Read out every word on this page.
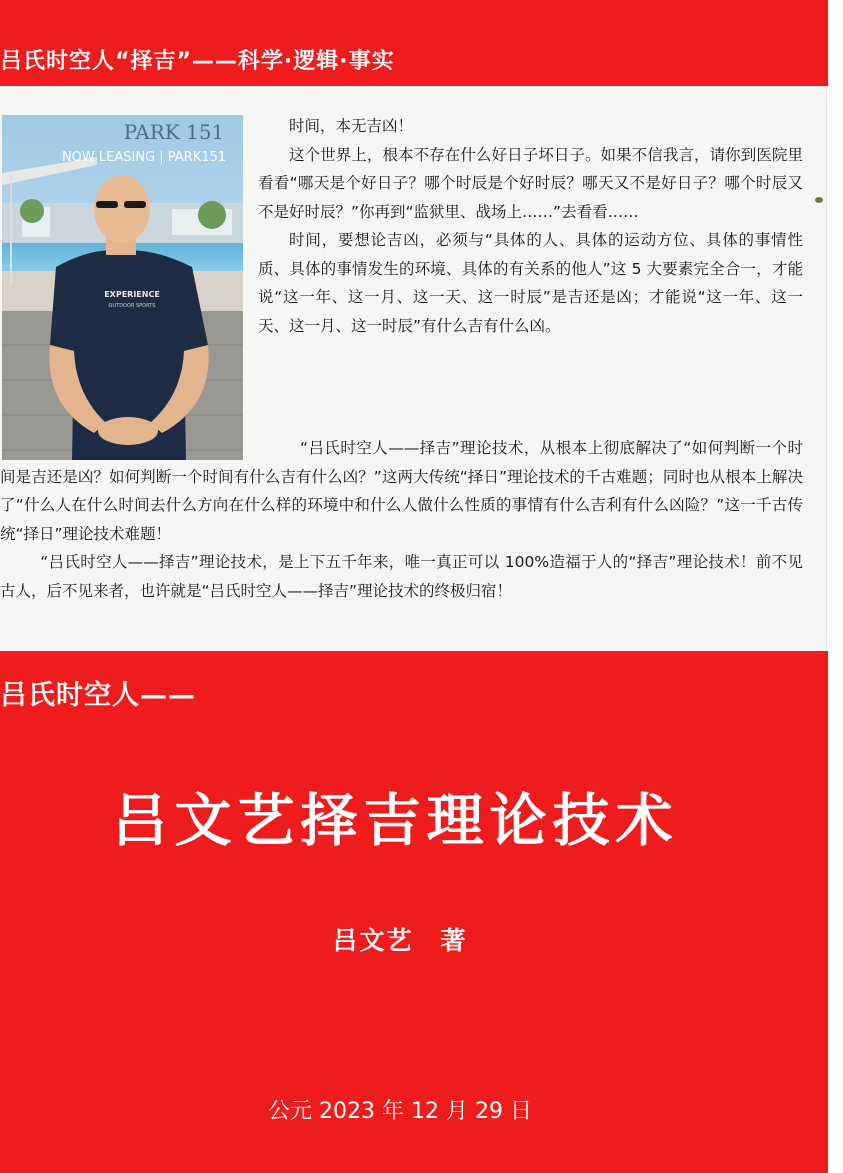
吕氏时空人“择吉”——科学·逻辑·事实
PARK 151
NOW LEASING | PARK151
EXPERIENCE
OUTDOOR SPORTS

时间，本无吉凶！

这个世界上，根本不存在什么好日子坏日子。如果不信我言，请你到医院里看看“哪天是个好日子？哪个时辰是个好时辰？哪天又不是好日子？哪个时辰又不是好时辰？”你再到“监狱里、战场上……”去看看……

时间，要想论吉凶，必须与“具体的人、具体的运动方位、具体的事情性质、具体的事情发生的环境、具体的有关系的他人”这 5 大要素完全合一，才能说“这一年、这一月、这一天、这一时辰”是吉还是凶；才能说“这一年、这一天、这一月、这一时辰”有什么吉有什么凶。

“吕氏时空人——择吉”理论技术，从根本上彻底解决了“如何判断一个时间是吉还是凶？如何判断一个时间有什么吉有什么凶？”这两大传统“择日”理论技术的千古难题；同时也从根本上解决了“什么人在什么时间去什么方向在什么样的环境中和什么人做什么性质的事情有什么吉利有什么凶险？”这一千古传统“择日”理论技术难题！

“吕氏时空人——择吉”理论技术，是上下五千年来，唯一真正可以 100%造福于人的“择吉”理论技术！前不见古人，后不见来者，也许就是“吕氏时空人——择吉”理论技术的终极归宿！

吕氏时空人——
吕文艺择吉理论技术
吕文艺　著
公元 2023 年 12 月 29 日
